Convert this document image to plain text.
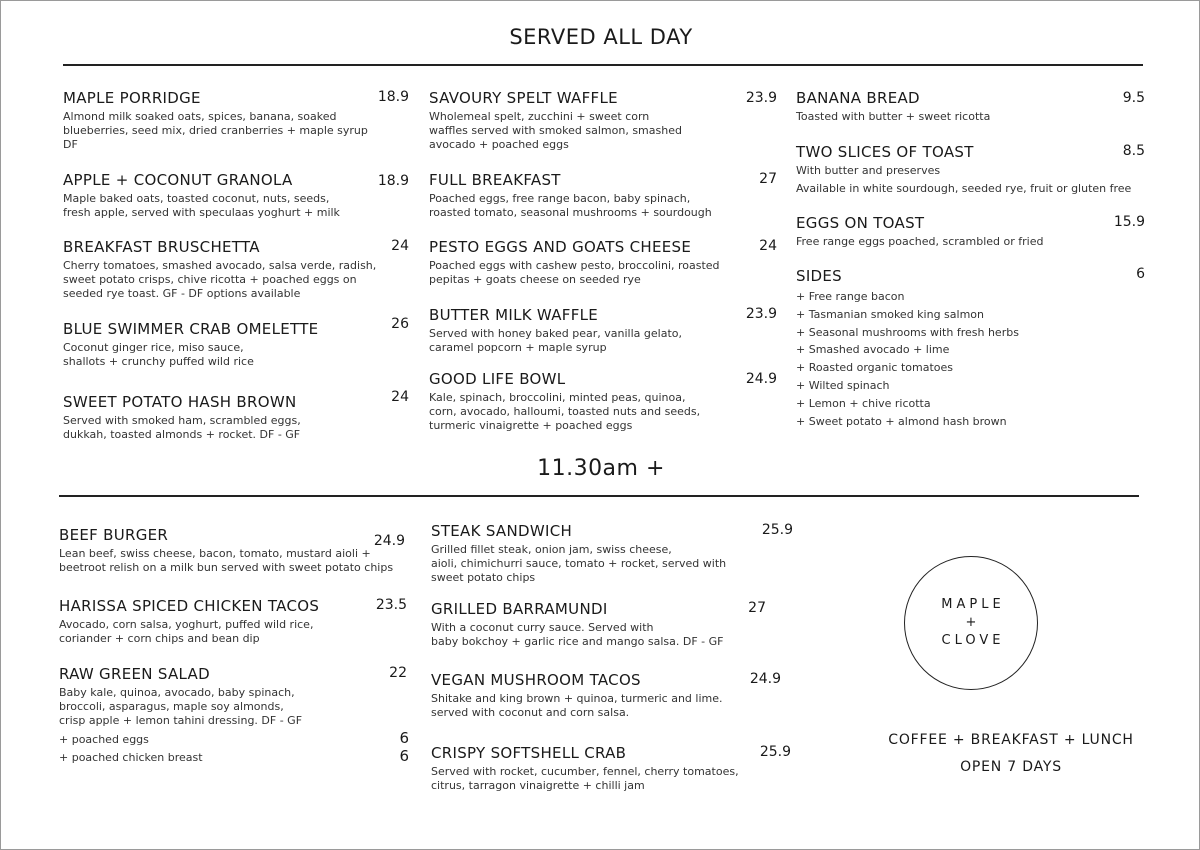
SERVED ALL DAY
MAPLE PORRIDGE
Almond milk soaked oats, spices, banana, soaked
blueberries, seed mix, dried cranberries + maple syrup
DF
18.9
APPLE + COCONUT GRANOLA
Maple baked oats, toasted coconut, nuts, seeds,
fresh apple, served with speculaas yoghurt + milk
18.9
BREAKFAST BRUSCHETTA
Cherry tomatoes, smashed avocado, salsa verde, radish,
sweet potato crisps, chive ricotta + poached eggs on
seeded rye toast. GF - DF options available
24
BLUE SWIMMER CRAB OMELETTE
Coconut ginger rice, miso sauce,
shallots + crunchy puffed wild rice
26
SWEET POTATO HASH BROWN
Served with smoked ham, scrambled eggs,
dukkah, toasted almonds + rocket. DF - GF
24
SAVOURY SPELT WAFFLE
Wholemeal spelt, zucchini + sweet corn
waffles served with smoked salmon, smashed
avocado + poached eggs
23.9
FULL BREAKFAST
Poached eggs, free range bacon, baby spinach,
roasted tomato, seasonal mushrooms + sourdough
27
PESTO EGGS AND GOATS CHEESE
Poached eggs with cashew pesto, broccolini, roasted
pepitas + goats cheese on seeded rye
24
BUTTER MILK WAFFLE
Served with honey baked pear, vanilla gelato,
caramel popcorn + maple syrup
23.9
GOOD LIFE BOWL
Kale, spinach, broccolini, minted peas, quinoa,
corn, avocado, halloumi, toasted nuts and seeds,
turmeric vinaigrette + poached eggs
24.9
BANANA BREAD
Toasted with butter + sweet ricotta
9.5
TWO SLICES OF TOAST
With butter and preserves
Available in white sourdough, seeded rye, fruit or gluten free
8.5
EGGS ON TOAST
Free range eggs poached, scrambled or fried
15.9
SIDES	6
+ Free range bacon
+ Tasmanian smoked king salmon
+ Seasonal mushrooms with fresh herbs
+ Smashed avocado + lime
+ Roasted organic tomatoes
+ Wilted spinach
+ Lemon + chive ricotta
+ Sweet potato + almond hash brown
11.30am +
BEEF BURGER
Lean beef, swiss cheese, bacon, tomato, mustard aioli +
beetroot relish on a milk bun served with sweet potato chips
24.9
HARISSA SPICED CHICKEN TACOS
Avocado, corn salsa, yoghurt, puffed wild rice,
coriander + corn chips and bean dip
23.5
RAW GREEN SALAD
Baby kale, quinoa, avocado, baby spinach,
broccoli, asparagus, maple soy almonds,
crisp apple + lemon tahini dressing. DF - GF
22
+ poached eggs	6
+ poached chicken breast	6
STEAK SANDWICH
Grilled fillet steak, onion jam, swiss cheese,
aioli, chimichurri sauce, tomato + rocket, served with
sweet potato chips
25.9
GRILLED BARRAMUNDI
With a coconut curry sauce. Served with
baby bokchoy + garlic rice and mango salsa. DF - GF
27
VEGAN MUSHROOM TACOS
Shitake and king brown + quinoa, turmeric and lime.
served with coconut and corn salsa.
24.9
CRISPY SOFTSHELL CRAB
Served with rocket, cucumber, fennel, cherry tomatoes,
citrus, tarragon vinaigrette + chilli jam
25.9
MAPLE
+
CLOVE
COFFEE + BREAKFAST + LUNCH
OPEN 7 DAYS
